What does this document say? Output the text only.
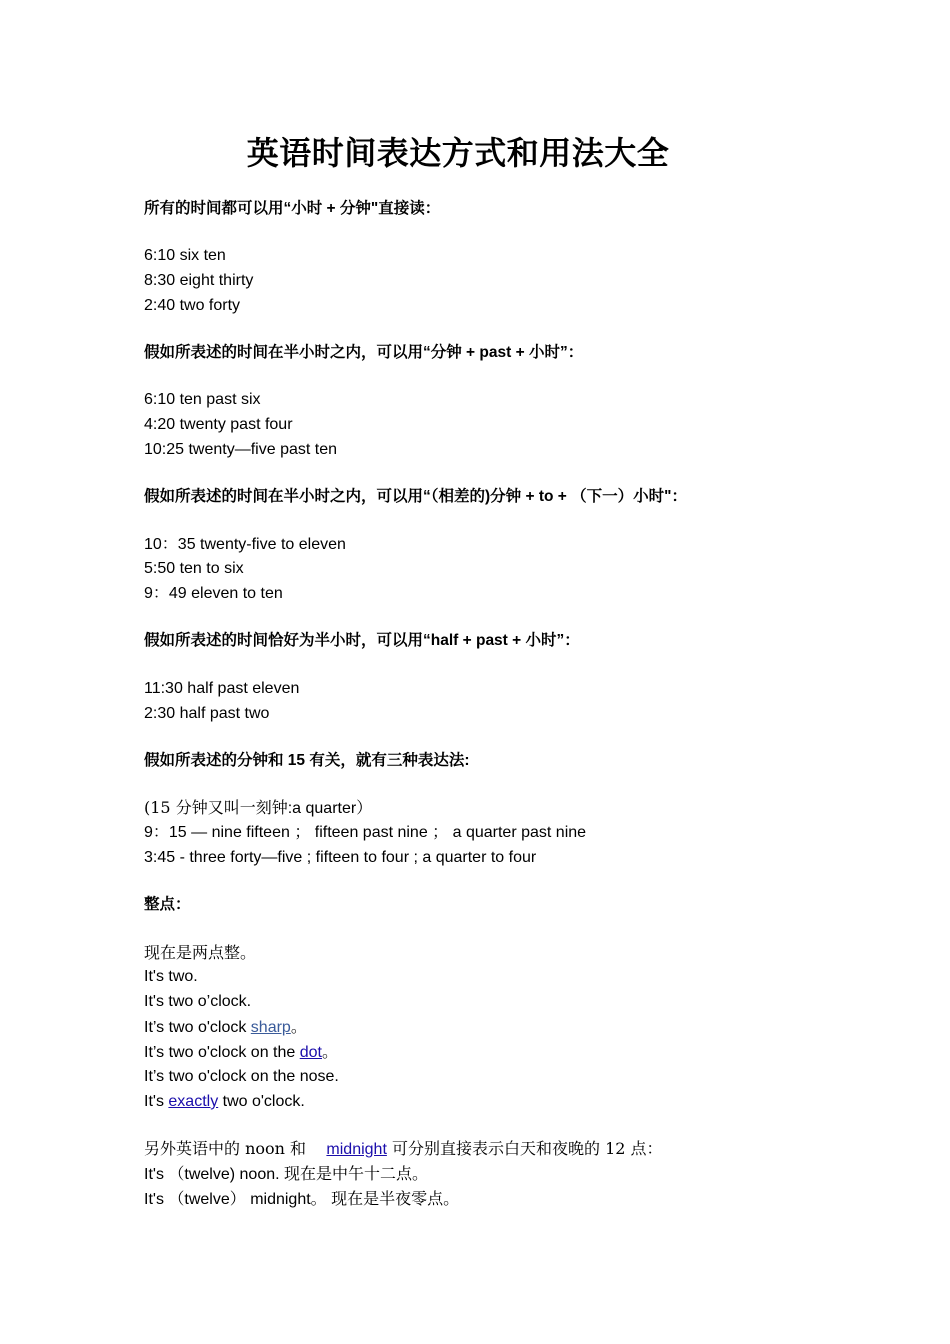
英语时间表达方式和用法大全
所有的时间都可以用“小时 + 分钟"直接读：
6:10 six ten
8:30 eight thirty
2:40 two forty
假如所表述的时间在半小时之内，可以用“分钟 + past + 小时”：
6:10 ten past six
4:20 twenty past four
10:25 twenty—five past ten
假如所表述的时间在半小时之内，可以用“（相差的)分钟 + to + （下一）小时"：
10：35 twenty-five to eleven
5:50 ten to six
9：49 eleven to ten
假如所表述的时间恰好为半小时，可以用“half + past + 小时”：
11:30 half past eleven
2:30 half past two
假如所表述的分钟和 15 有关，就有三种表达法:
(15 分钟又叫一刻钟:a quarter）
9：15 — nine fifteen ； fifteen past nine ； a quarter past nine
3:45 - three forty—five ; fifteen to four ; a quarter to four
整点：
现在是两点整。
It's two.
It's two o’clock.
It’s two o'clock sharp。
It’s two o'clock on the dot。
It’s two o'clock on the nose.
It's exactly two o'clock.
另外英语中的 noon 和    midnight 可分别直接表示白天和夜晚的 12 点：
It's （twelve) noon. 现在是中午十二点。
It's （twelve） midnight。 现在是半夜零点。
